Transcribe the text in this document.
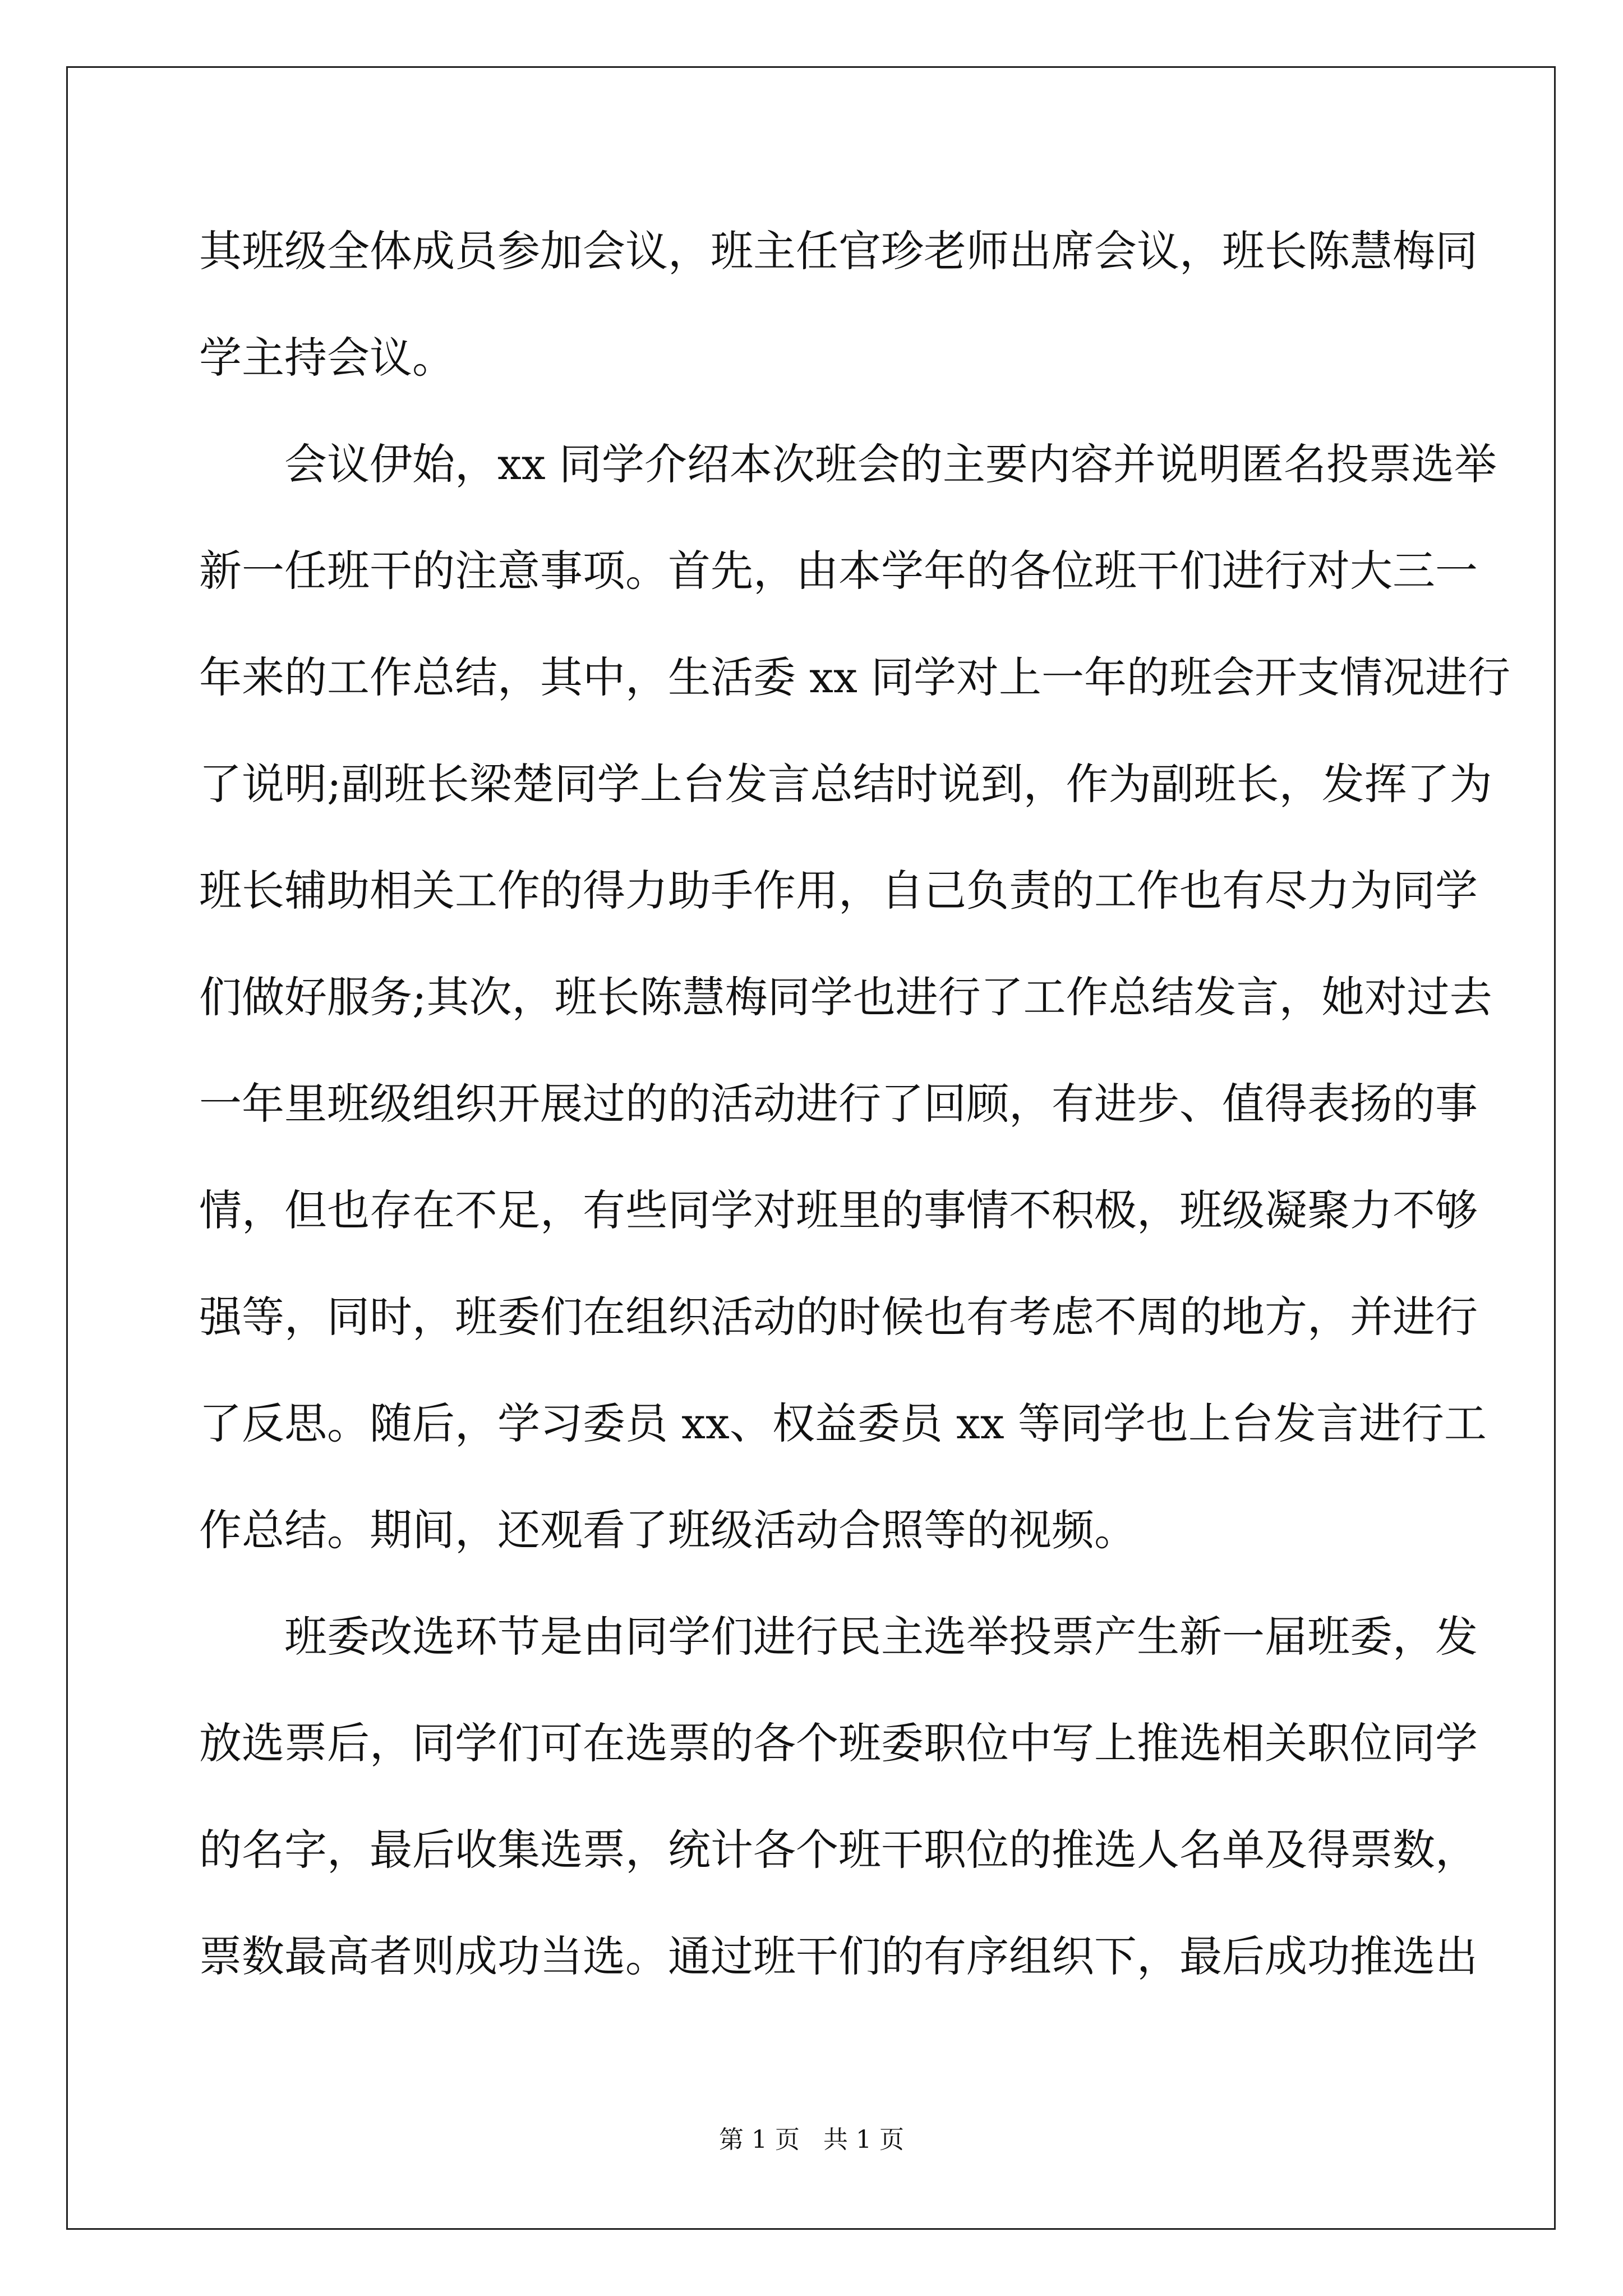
其班级全体成员参加会议，班主任官珍老师出席会议，班长陈慧梅同
学主持会议。
会议伊始，xx 同学介绍本次班会的主要内容并说明匿名投票选举
新一任班干的注意事项。首先，由本学年的各位班干们进行对大三一
年来的工作总结，其中，生活委 xx 同学对上一年的班会开支情况进行
了说明;副班长梁楚同学上台发言总结时说到，作为副班长，发挥了为
班长辅助相关工作的得力助手作用，自己负责的工作也有尽力为同学
们做好服务;其次，班长陈慧梅同学也进行了工作总结发言，她对过去
一年里班级组织开展过的的活动进行了回顾，有进步、值得表扬的事
情，但也存在不足，有些同学对班里的事情不积极，班级凝聚力不够
强等，同时，班委们在组织活动的时候也有考虑不周的地方，并进行
了反思。随后，学习委员 xx、权益委员 xx 等同学也上台发言进行工
作总结。期间，还观看了班级活动合照等的视频。
班委改选环节是由同学们进行民主选举投票产生新一届班委，发
放选票后，同学们可在选票的各个班委职位中写上推选相关职位同学
的名字，最后收集选票，统计各个班干职位的推选人名单及得票数，
票数最高者则成功当选。通过班干们的有序组织下，最后成功推选出
第 1 页   共 1 页
